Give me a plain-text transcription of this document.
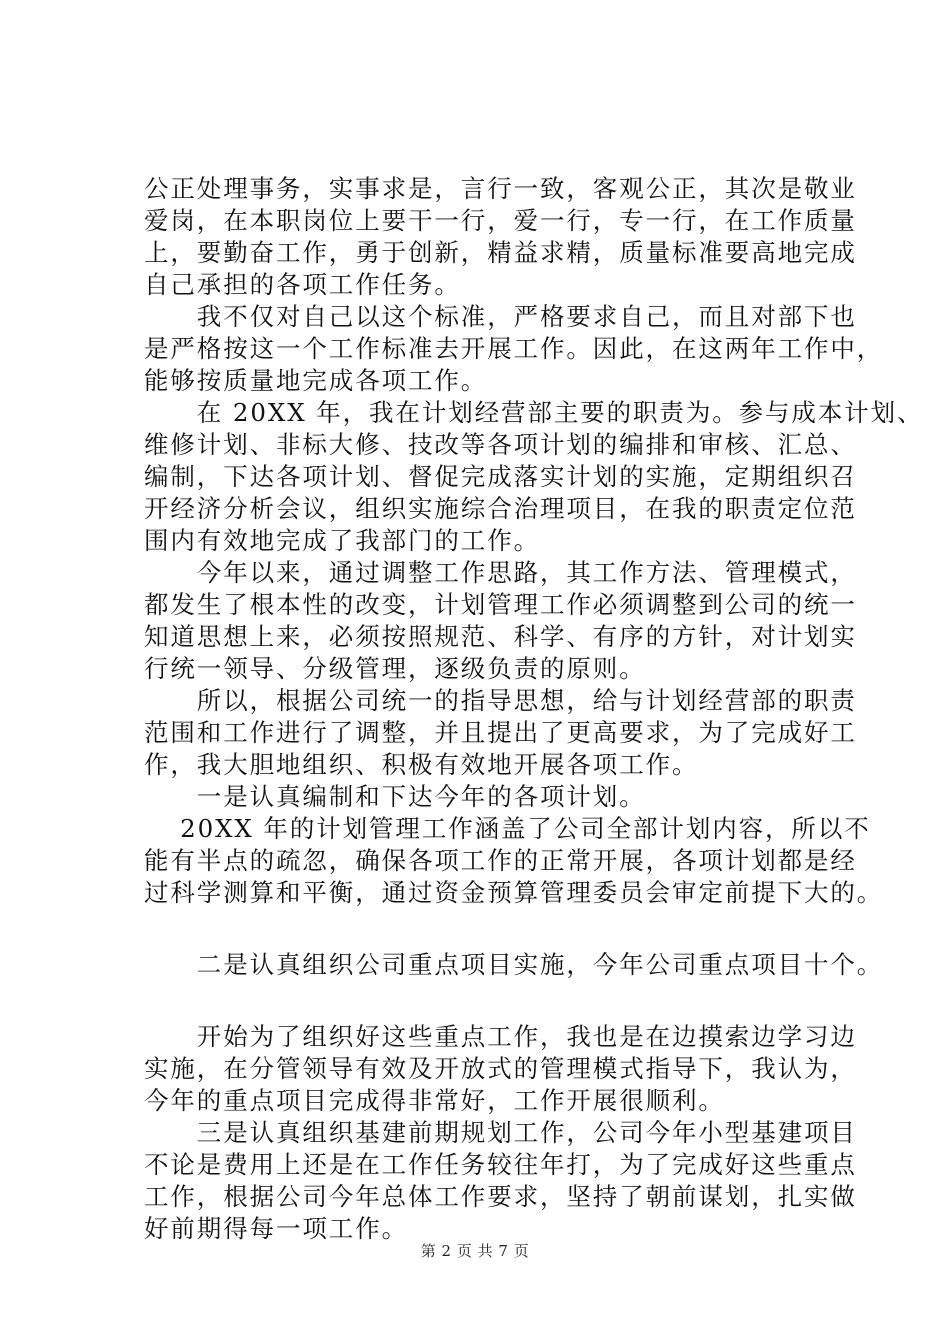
公正处理事务，实事求是，言行一致，客观公正，其次是敬业
爱岗，在本职岗位上要干一行，爱一行，专一行，在工作质量
上，要勤奋工作，勇于创新，精益求精，质量标准要高地完成
自己承担的各项工作任务。
　　我不仅对自己以这个标准，严格要求自己，而且对部下也
是严格按这一个工作标准去开展工作。因此，在这两年工作中，
能够按质量地完成各项工作。
　　在 20XX 年，我在计划经营部主要的职责为。参与成本计划、
维修计划、非标大修、技改等各项计划的编排和审核、汇总、
编制，下达各项计划、督促完成落实计划的实施，定期组织召
开经济分析会议，组织实施综合治理项目，在我的职责定位范
围内有效地完成了我部门的工作。
　　今年以来，通过调整工作思路，其工作方法、管理模式，
都发生了根本性的改变，计划管理工作必须调整到公司的统一
知道思想上来，必须按照规范、科学、有序的方针，对计划实
行统一领导、分级管理，逐级负责的原则。
　　所以，根据公司统一的指导思想，给与计划经营部的职责
范围和工作进行了调整，并且提出了更高要求，为了完成好工
作，我大胆地组织、积极有效地开展各项工作。
　　一是认真编制和下达今年的各项计划。
　 20XX 年的计划管理工作涵盖了公司全部计划内容，所以不
能有半点的疏忽，确保各项工作的正常开展，各项计划都是经
过科学测算和平衡，通过资金预算管理委员会审定前提下大的。
　　二是认真组织公司重点项目实施，今年公司重点项目十个。
　　开始为了组织好这些重点工作，我也是在边摸索边学习边
实施，在分管领导有效及开放式的管理模式指导下，我认为，
今年的重点项目完成得非常好，工作开展很顺利。
　　三是认真组织基建前期规划工作，公司今年小型基建项目
不论是费用上还是在工作任务较往年打，为了完成好这些重点
工作，根据公司今年总体工作要求，坚持了朝前谋划，扎实做
好前期得每一项工作。
第 2 页 共 7 页
